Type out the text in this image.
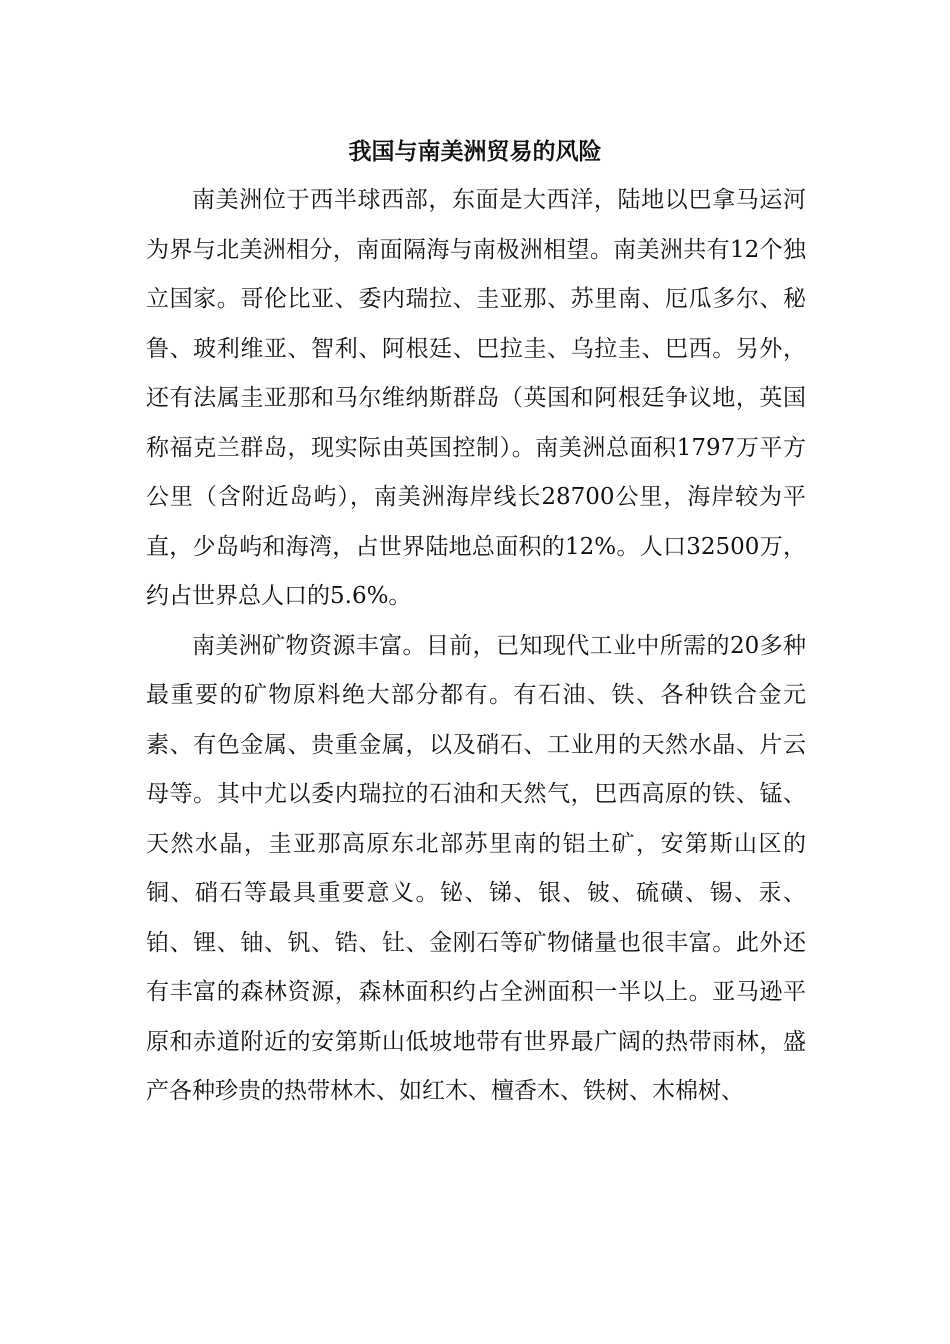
我国与南美洲贸易的风险

南美洲位于西半球西部，东面是大西洋，陆地以巴拿马运河为界与北美洲相分，南面隔海与南极洲相望。南美洲共有12个独立国家。哥伦比亚、委内瑞拉、圭亚那、苏里南、厄瓜多尔、秘鲁、玻利维亚、智利、阿根廷、巴拉圭、乌拉圭、巴西。另外，还有法属圭亚那和马尔维纳斯群岛（英国和阿根廷争议地，英国称福克兰群岛，现实际由英国控制）。南美洲总面积1797万平方公里（含附近岛屿），南美洲海岸线长28700公里，海岸较为平直，少岛屿和海湾，占世界陆地总面积的12%。人口32500万，约占世界总人口的5.6%。

南美洲矿物资源丰富。目前，已知现代工业中所需的20多种最重要的矿物原料绝大部分都有。有石油、铁、各种铁合金元素、有色金属、贵重金属，以及硝石、工业用的天然水晶、片云母等。其中尤以委内瑞拉的石油和天然气，巴西高原的铁、锰、天然水晶，圭亚那高原东北部苏里南的铝土矿，安第斯山区的铜、硝石等最具重要意义。铋、锑、银、铍、硫磺、锡、汞、铂、锂、铀、钒、锆、钍、金刚石等矿物储量也很丰富。此外还有丰富的森林资源，森林面积约占全洲面积一半以上。亚马逊平原和赤道附近的安第斯山低坡地带有世界最广阔的热带雨林，盛产各种珍贵的热带林木、如红木、檀香木、铁树、木棉树、
